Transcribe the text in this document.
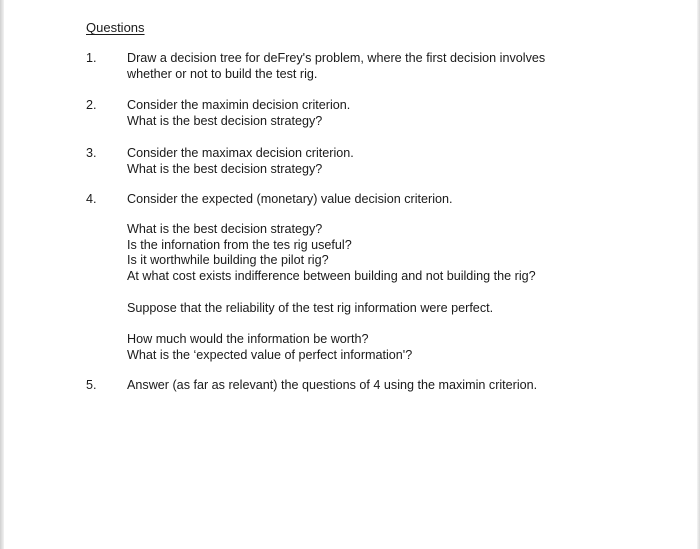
Questions
1.	Draw a decision tree for deFrey's problem, where the first decision involves

whether or not to build the test rig.

2.	Consider the maximin decision criterion.

What is the best decision strategy?

3.	Consider the maximax decision criterion.

What is the best decision strategy?

4.	Consider the expected (monetary) value decision criterion.

What is the best decision strategy?

Is the infornation from the tes rig useful?

Is it worthwhile building the pilot rig?

At what cost exists indifference between building and not building the rig?

Suppose that the reliability of the test rig information were perfect.

How much would the information be worth?

What is the ‘expected value of perfect information'?

5.	Answer (as far as relevant) the questions of 4 using the maximin criterion.
